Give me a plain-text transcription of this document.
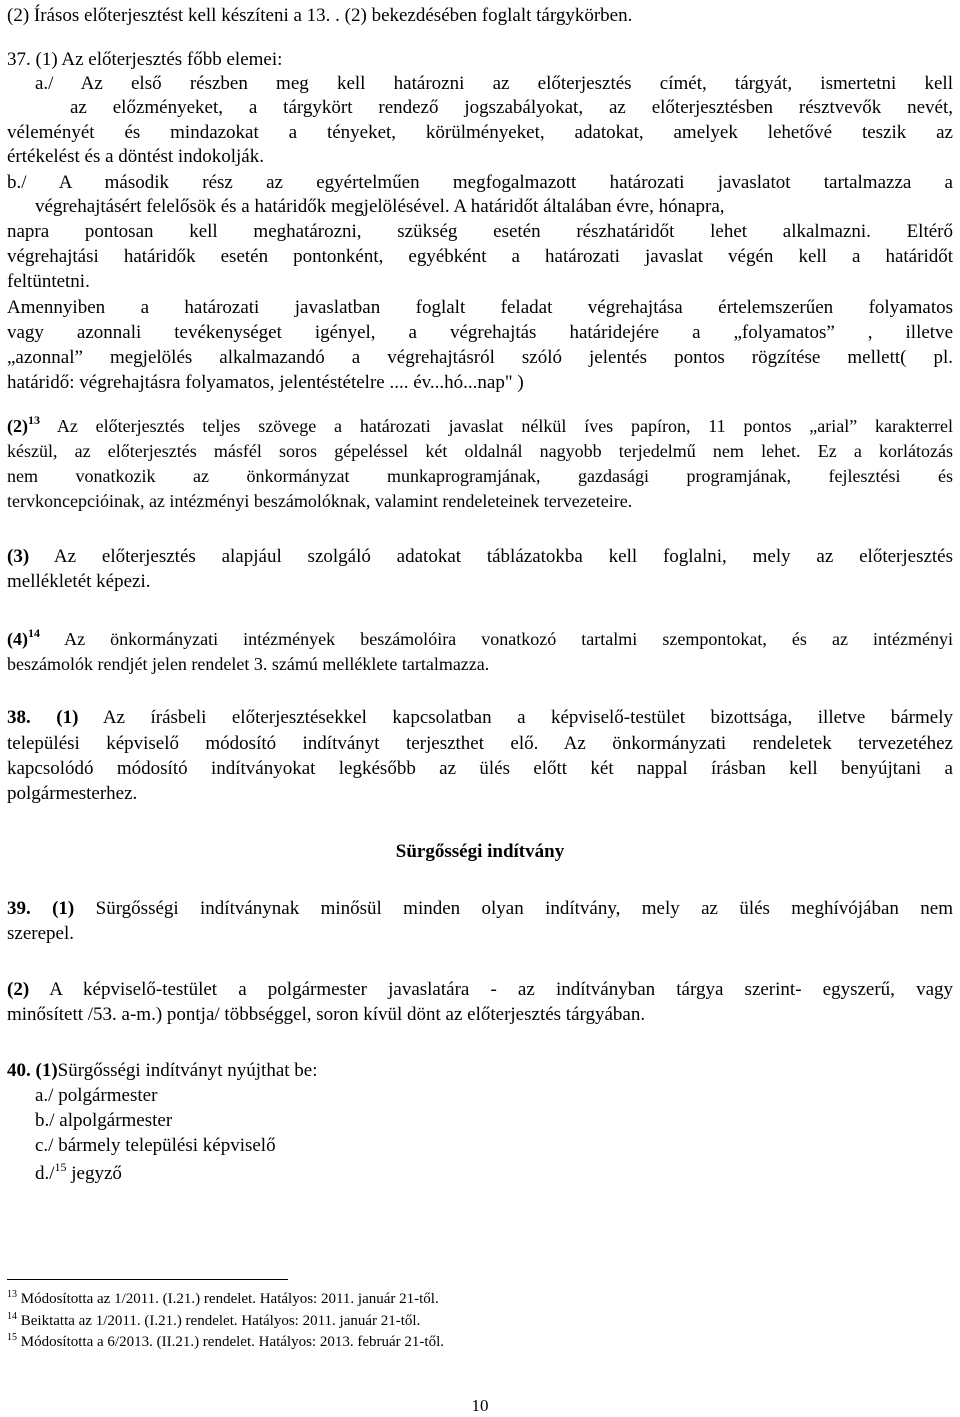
(2) Írásos előterjesztést kell készíteni a 13. . (2) bekezdésében foglalt tárgykörben.
37. (1) Az előterjesztés főbb elemei:
a./ Az első részben meg kell határozni az előterjesztés címét, tárgyát, ismertetni kell
az előzményeket, a tárgykört rendező jogszabályokat, az előterjesztésben résztvevők nevét,
véleményét és mindazokat a tényeket, körülményeket, adatokat, amelyek lehetővé teszik az
értékelést és a döntést indokolják.
b./ A második rész az egyértelműen megfogalmazott határozati javaslatot tartalmazza a
végrehajtásért felelősök és a határidők megjelölésével. A határidőt általában évre, hónapra,
napra pontosan kell meghatározni, szükség esetén részhatáridőt lehet alkalmazni. Eltérő
végrehajtási határidők esetén pontonként, egyébként a határozati javaslat végén kell a határidőt
feltüntetni.
Amennyiben a határozati javaslatban foglalt feladat végrehajtása értelemszerűen folyamatos
vagy azonnali tevékenységet igényel, a végrehajtás határidejére a „folyamatos” , illetve
„azonnal” megjelölés alkalmazandó a végrehajtásról szóló jelentés pontos rögzítése mellett( pl.
határidő: végrehajtásra folyamatos, jelentéstételre .... év...hó...nap" )
$(2)^{13}$ Az előterjesztés teljes szövege a határozati javaslat nélkül íves papíron, 11 pontos „arial” karakterrel
készül, az előterjesztés másfél soros gépeléssel két oldalnál nagyobb terjedelmű nem lehet. Ez a korlátozás
nem vonatkozik az önkormányzat munkaprogramjának, gazdasági programjának, fejlesztési és
tervkoncepcióinak, az intézményi beszámolóknak, valamint rendeleteinek tervezeteire.
(3) Az előterjesztés alapjául szolgáló adatokat táblázatokba kell foglalni, mely az előterjesztés
mellékletét képezi.
$(4)^{14}$ Az önkormányzati intézmények beszámolóira vonatkozó tartalmi szempontokat, és az intézményi
beszámolók rendjét jelen rendelet 3. számú melléklete tartalmazza.
38. (1) Az írásbeli előterjesztésekkel kapcsolatban a képviselő-testület bizottsága, illetve bármely
települési képviselő módosító indítványt terjeszthet elő. Az önkormányzati rendeletek tervezetéhez
kapcsolódó módosító indítványokat legkésőbb az ülés előtt két nappal írásban kell benyújtani a
polgármesterhez.
Sürgősségi indítvány
39. (1) Sürgősségi indítványnak minősül minden olyan indítvány, mely az ülés meghívójában nem
szerepel.
(2) A képviselő-testület a polgármester javaslatára - az indítványban tárgya szerint- egyszerű, vagy
minősített /53. a-m.) pontja/ többséggel, soron kívül dönt az előterjesztés tárgyában.
40. (1)Sürgősségi indítványt nyújthat be:
a./ polgármester
b./ alpolgármester
c./ bármely települési képviselő
d./$^{15}$ jegyző
$^{13}$ Módosította az 1/2011. (I.21.) rendelet. Hatályos: 2011. január 21-től.
$^{14}$ Beiktatta az 1/2011. (I.21.) rendelet. Hatályos: 2011. január 21-től.
$^{15}$ Módosította a 6/2013. (II.21.) rendelet. Hatályos: 2013. február 21-től.
10
